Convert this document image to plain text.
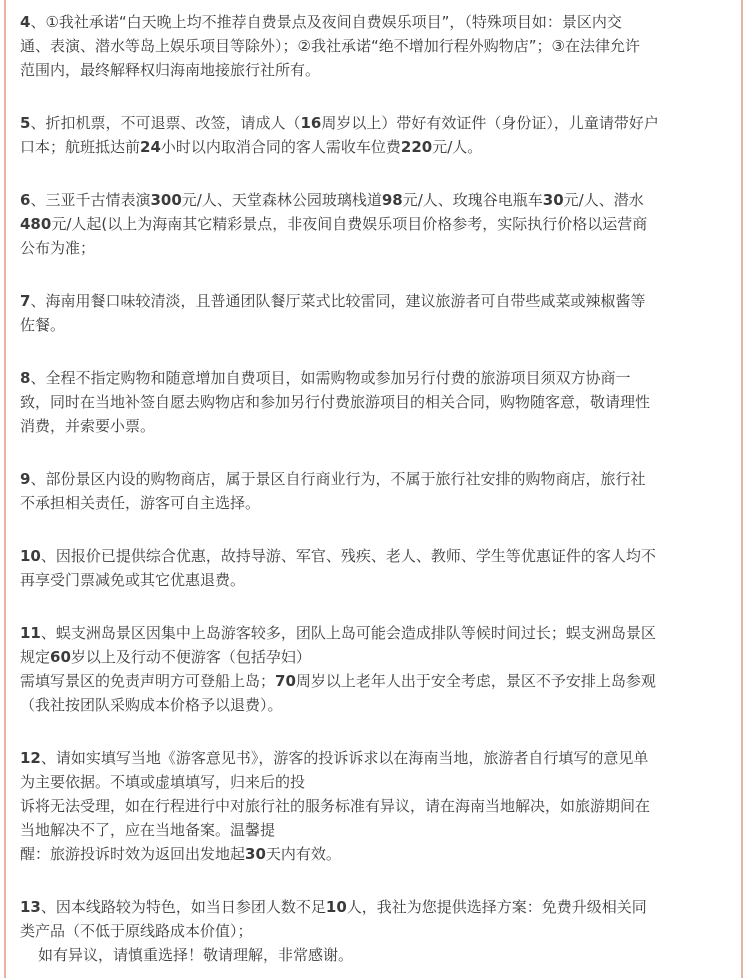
4、①我社承诺“白天晚上均不推荐自费景点及夜间自费娱乐项目”，（特殊项目如：景区内交
通、表演、潜水等岛上娱乐项目等除外）；②我社承诺“绝不增加行程外购物店”；③在法律允许
范围内，最终解释权归海南地接旅行社所有。
5、折扣机票，不可退票、改签，请成人（16周岁以上）带好有效证件（身份证），儿童请带好户
口本；航班抵达前24小时以内取消合同的客人需收车位费220元/人。
6、三亚千古情表演300元/人、天堂森林公园玻璃栈道98元/人、玫瑰谷电瓶车30元/人、潜水
480元/人起(以上为海南其它精彩景点，非夜间自费娱乐项目价格参考，实际执行价格以运营商
公布为准；
7、海南用餐口味较清淡，且普通团队餐厅菜式比较雷同，建议旅游者可自带些咸菜或辣椒酱等
佐餐。
8、全程不指定购物和随意增加自费项目，如需购物或参加另行付费的旅游项目须双方协商一
致，同时在当地补签自愿去购物店和参加另行付费旅游项目的相关合同，购物随客意，敬请理性
消费，并索要小票。
9、部份景区内设的购物商店，属于景区自行商业行为，不属于旅行社安排的购物商店，旅行社
不承担相关责任，游客可自主选择。
10、因报价已提供综合优惠，故持导游、军官、残疾、老人、教师、学生等优惠证件的客人均不
再享受门票减免或其它优惠退费。
11、蜈支洲岛景区因集中上岛游客较多，团队上岛可能会造成排队等候时间过长；蜈支洲岛景区
规定60岁以上及行动不便游客（包括孕妇）
需填写景区的免责声明方可登船上岛；70周岁以上老年人出于安全考虑，景区不予安排上岛参观
（我社按团队采购成本价格予以退费）。
12、请如实填写当地《游客意见书》，游客的投诉诉求以在海南当地，旅游者自行填写的意见单
为主要依据。不填或虚填填写，归来后的投
诉将无法受理，如在行程进行中对旅行社的服务标准有异议，请在海南当地解决，如旅游期间在
当地解决不了，应在当地备案。温馨提
醒：旅游投诉时效为返回出发地起30天内有效。
13、因本线路较为特色，如当日参团人数不足10人，我社为您提供选择方案：免费升级相关同
类产品（不低于原线路成本价值）；
如有异议，请慎重选择！敬请理解，非常感谢。
